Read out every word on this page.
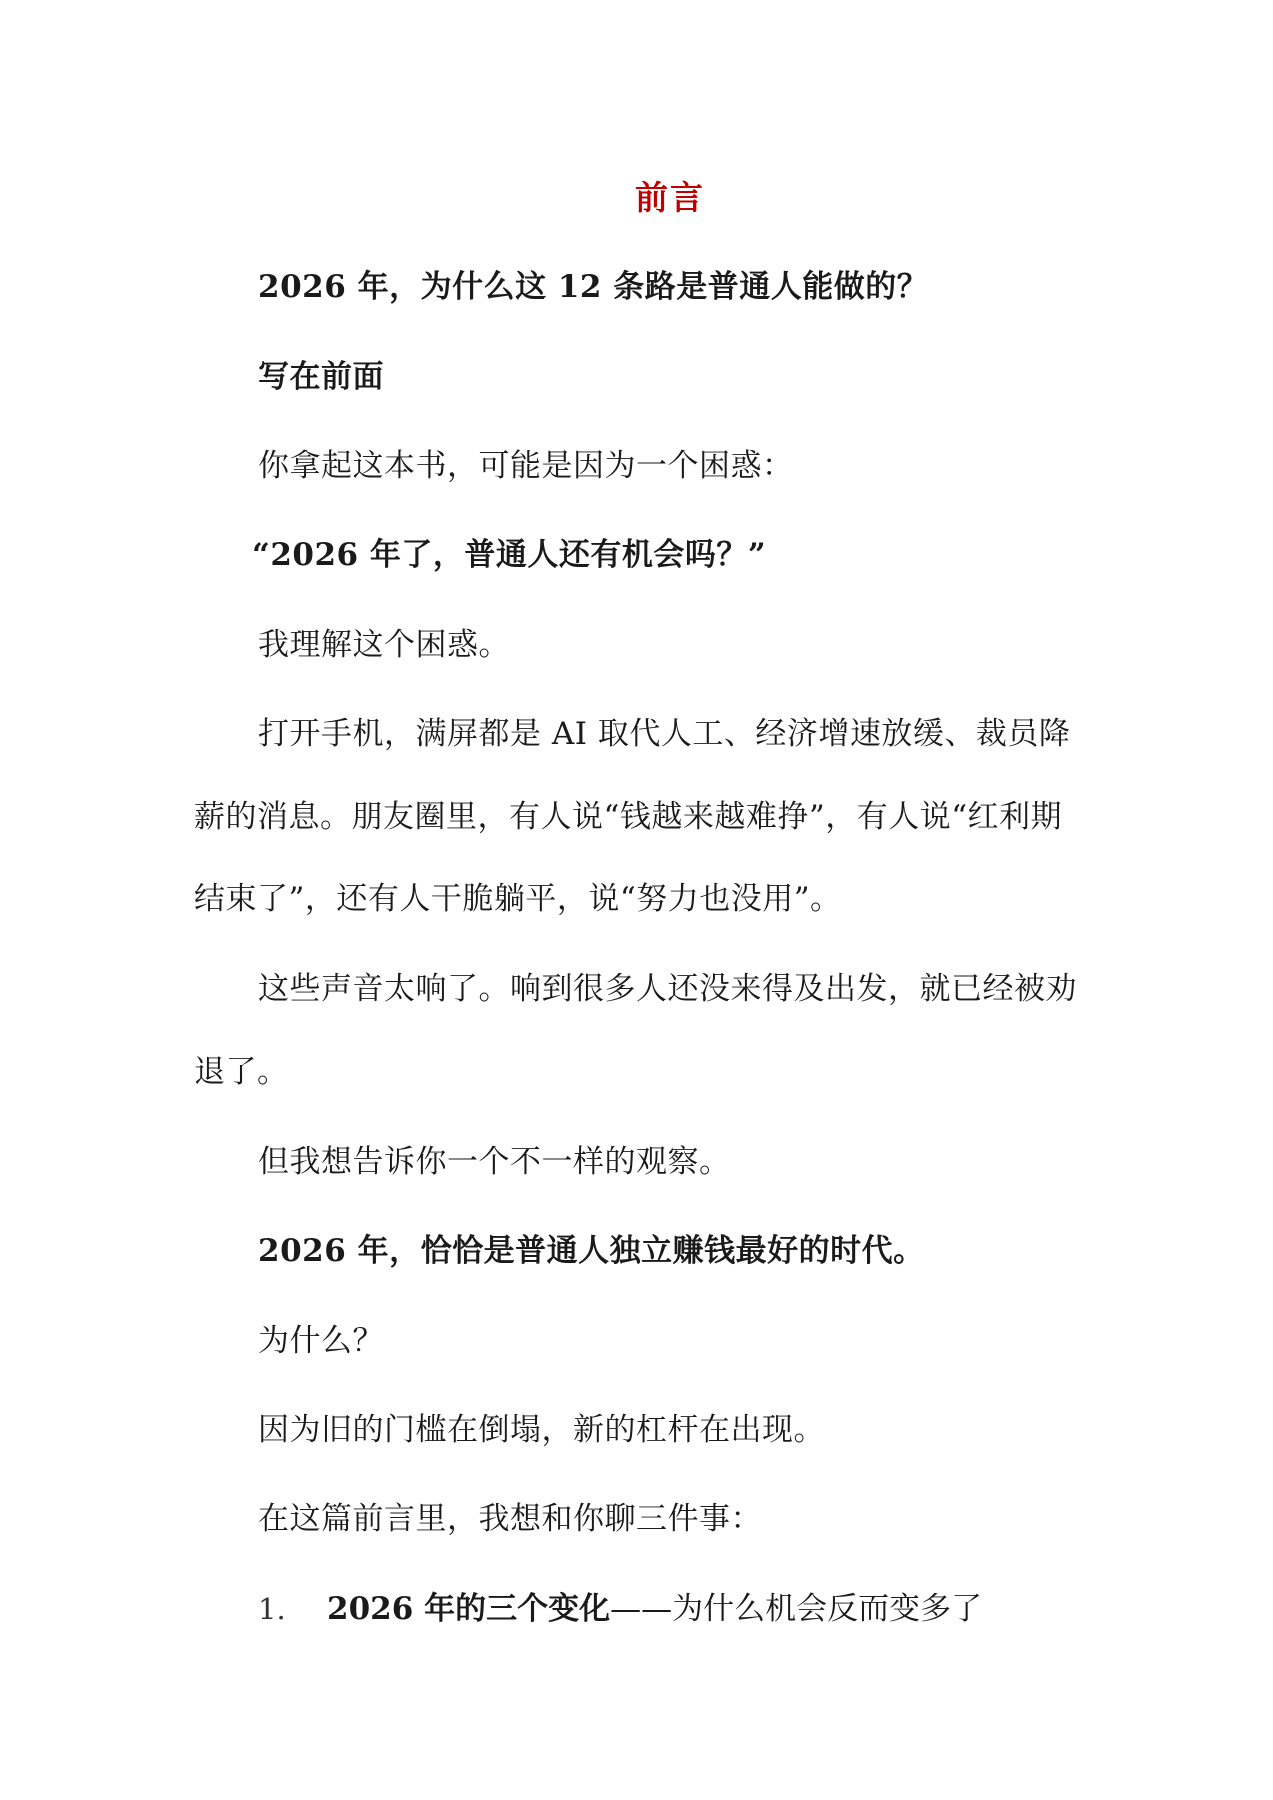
前言
2026 年，为什么这 12 条路是普通人能做的？
写在前面
你拿起这本书，可能是因为一个困惑：
“2026 年了，普通人还有机会吗？”
我理解这个困惑。
打开手机，满屏都是 AI 取代人工、经济增速放缓、裁员降
薪的消息。朋友圈里，有人说“钱越来越难挣”，有人说“红利期
结束了”，还有人干脆躺平，说“努力也没用”。
这些声音太响了。响到很多人还没来得及出发，就已经被劝
退了。
但我想告诉你一个不一样的观察。
2026 年，恰恰是普通人独立赚钱最好的时代。
为什么？
因为旧的门槛在倒塌，新的杠杆在出现。
在这篇前言里，我想和你聊三件事：
1. 2026 年的三个变化——为什么机会反而变多了
